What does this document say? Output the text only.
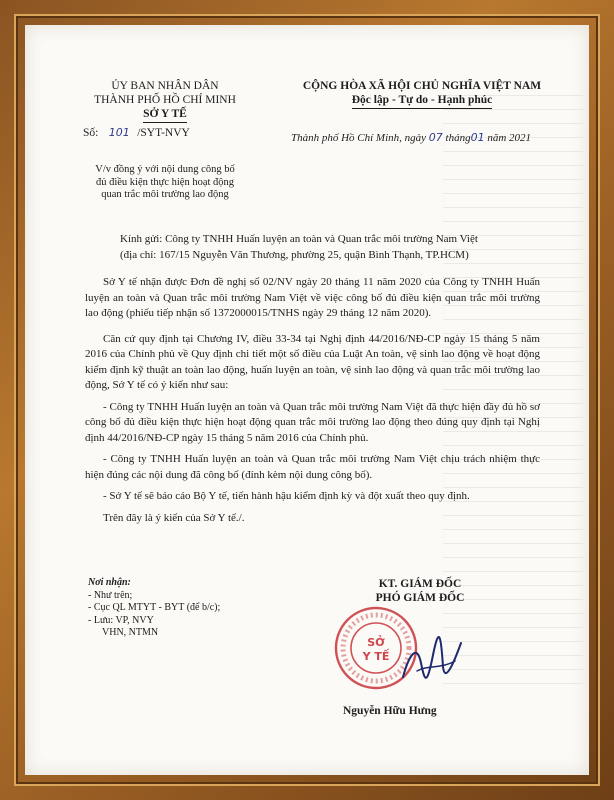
ỦY BAN NHÂN DÂN
THÀNH PHỐ HỒ CHÍ MINH
SỞ Y TẾ
CỘNG HÒA XÃ HỘI CHỦ NGHĨA VIỆT NAM
Độc lập - Tự do - Hạnh phúc
Số: 101 /SYT-NVY	Thành phố Hồ Chí Minh, ngày 07 tháng01 năm 2021
V/v đồng ý với nội dung công bố
đủ điều kiện thực hiện hoạt động
quan trắc môi trường lao động

Kính gửi: Công ty TNHH Huấn luyện an toàn và Quan trắc môi trường Nam Việt

(địa chỉ: 167/15 Nguyễn Văn Thương, phường 25, quận Bình Thạnh, TP.HCM)

Sở Y tế nhận được Đơn đề nghị số 02/NV ngày 20 tháng 11 năm 2020 của Công ty TNHH Huấn luyện an toàn và Quan trắc môi trường Nam Việt về việc công bố đủ điều kiện quan trắc môi trường lao động (phiếu tiếp nhận số 1372000015/TNHS ngày 29 tháng 12 năm 2020).

Căn cứ quy định tại Chương IV, điều 33-34 tại Nghị định 44/2016/NĐ-CP ngày 15 tháng 5 năm 2016 của Chính phủ về Quy định chi tiết một số điều của Luật An toàn, vệ sinh lao động về hoạt động kiểm định kỹ thuật an toàn lao động, huấn luyện an toàn, vệ sinh lao động và quan trắc môi trường lao động, Sở Y tế có ý kiến như sau:

- Công ty TNHH Huấn luyện an toàn và Quan trắc môi trường Nam Việt đã thực hiện đầy đủ hồ sơ công bố đủ điều kiện thực hiện hoạt động quan trắc môi trường lao động theo đúng quy định tại Nghị định 44/2016/NĐ-CP ngày 15 tháng 5 năm 2016 của Chính phủ.

- Công ty TNHH Huấn luyện an toàn và Quan trắc môi trường Nam Việt chịu trách nhiệm thực hiện đúng các nội dung đã công bố (đính kèm nội dung công bố).

- Sở Y tế sẽ báo cáo Bộ Y tế, tiến hành hậu kiểm định kỳ và đột xuất theo quy định.

Trên đây là ý kiến của Sở Y tế./.

Nơi nhận:
- Như trên;
- Cục QL MTYT - BYT (để b/c);
- Lưu: VP, NVY
VHN, NTMN
KT. GIÁM ĐỐC
PHÓ GIÁM ĐỐC
SỞ
Y TẾ
Nguyễn Hữu Hưng
